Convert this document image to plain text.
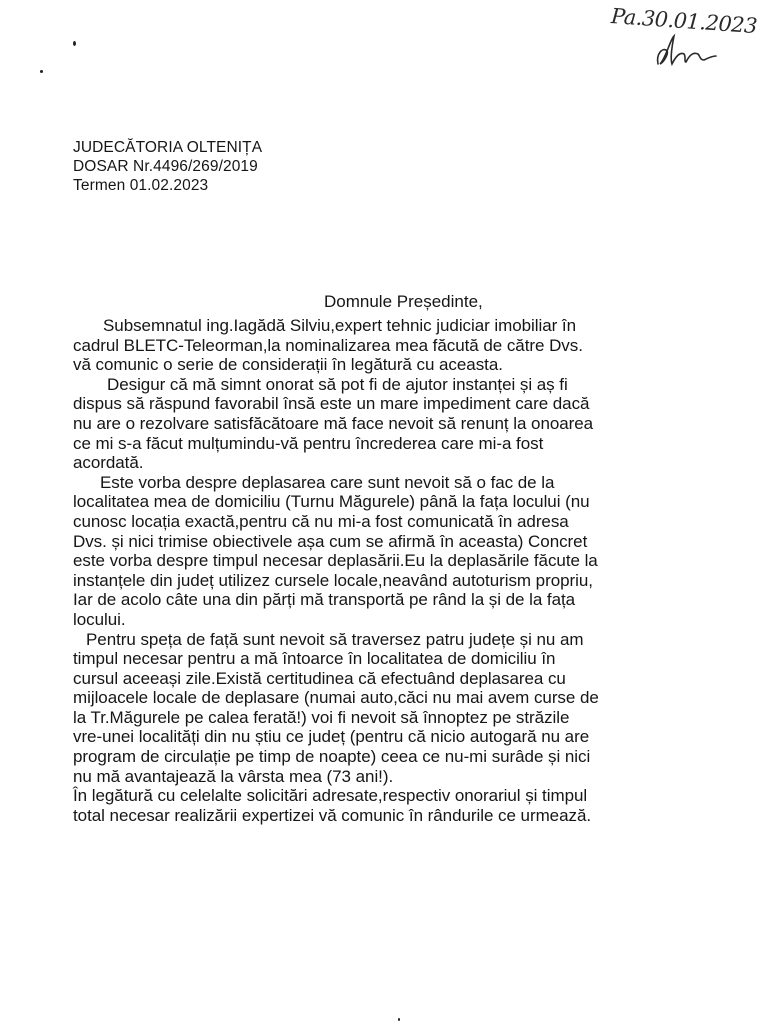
Pa.30.01.2023
JUDECĂTORIA OLTENIȚA
DOSAR Nr.4496/269/2019
Termen 01.02.2023
Domnule Președinte,
Subsemnatul ing.Iagădă Silviu,expert tehnic judiciar imobiliar în
cadrul BLETC-Teleorman,la nominalizarea mea făcută de către Dvs.
vă comunic o serie de considerații în legătură cu aceasta.
Desigur că mă simnt onorat să pot fi de ajutor instanței și aș fi
dispus să răspund favorabil însă este un mare impediment care dacă
nu are o rezolvare satisfăcătoare mă face nevoit să renunț la onoarea
ce mi s-a făcut mulțumindu-vă pentru încrederea care mi-a fost
acordată.
Este vorba despre deplasarea care sunt nevoit să o fac de la
localitatea mea de domiciliu (Turnu Măgurele) până la fața locului (nu
cunosc locația exactă,pentru că nu mi-a fost comunicată în adresa
Dvs. și nici trimise obiectivele așa cum se afirmă în aceasta) Concret
este vorba despre timpul necesar deplasării.Eu la deplasările făcute la
instanțele din județ utilizez cursele locale,neavând autoturism propriu,
Iar de acolo câte una din părți mă transportă pe rând la și de la fața
locului.
Pentru speța de față sunt nevoit să traversez patru județe și nu am
timpul necesar pentru a mă întoarce în localitatea de domiciliu în
cursul aceeași zile.Există certitudinea că efectuând deplasarea cu
mijloacele locale de deplasare (numai auto,căci nu mai avem curse de
la Tr.Măgurele pe calea ferată!) voi fi nevoit să înnoptez pe străzile
vre-unei localități din nu știu ce județ (pentru că nicio autogară nu are
program de circulație pe timp de noapte) ceea ce nu-mi surâde și nici
nu mă avantajează la vârsta mea (73 ani!).
În legătură cu celelalte solicitări adresate,respectiv onorariul și timpul
total necesar realizării expertizei vă comunic în rândurile ce urmează.
